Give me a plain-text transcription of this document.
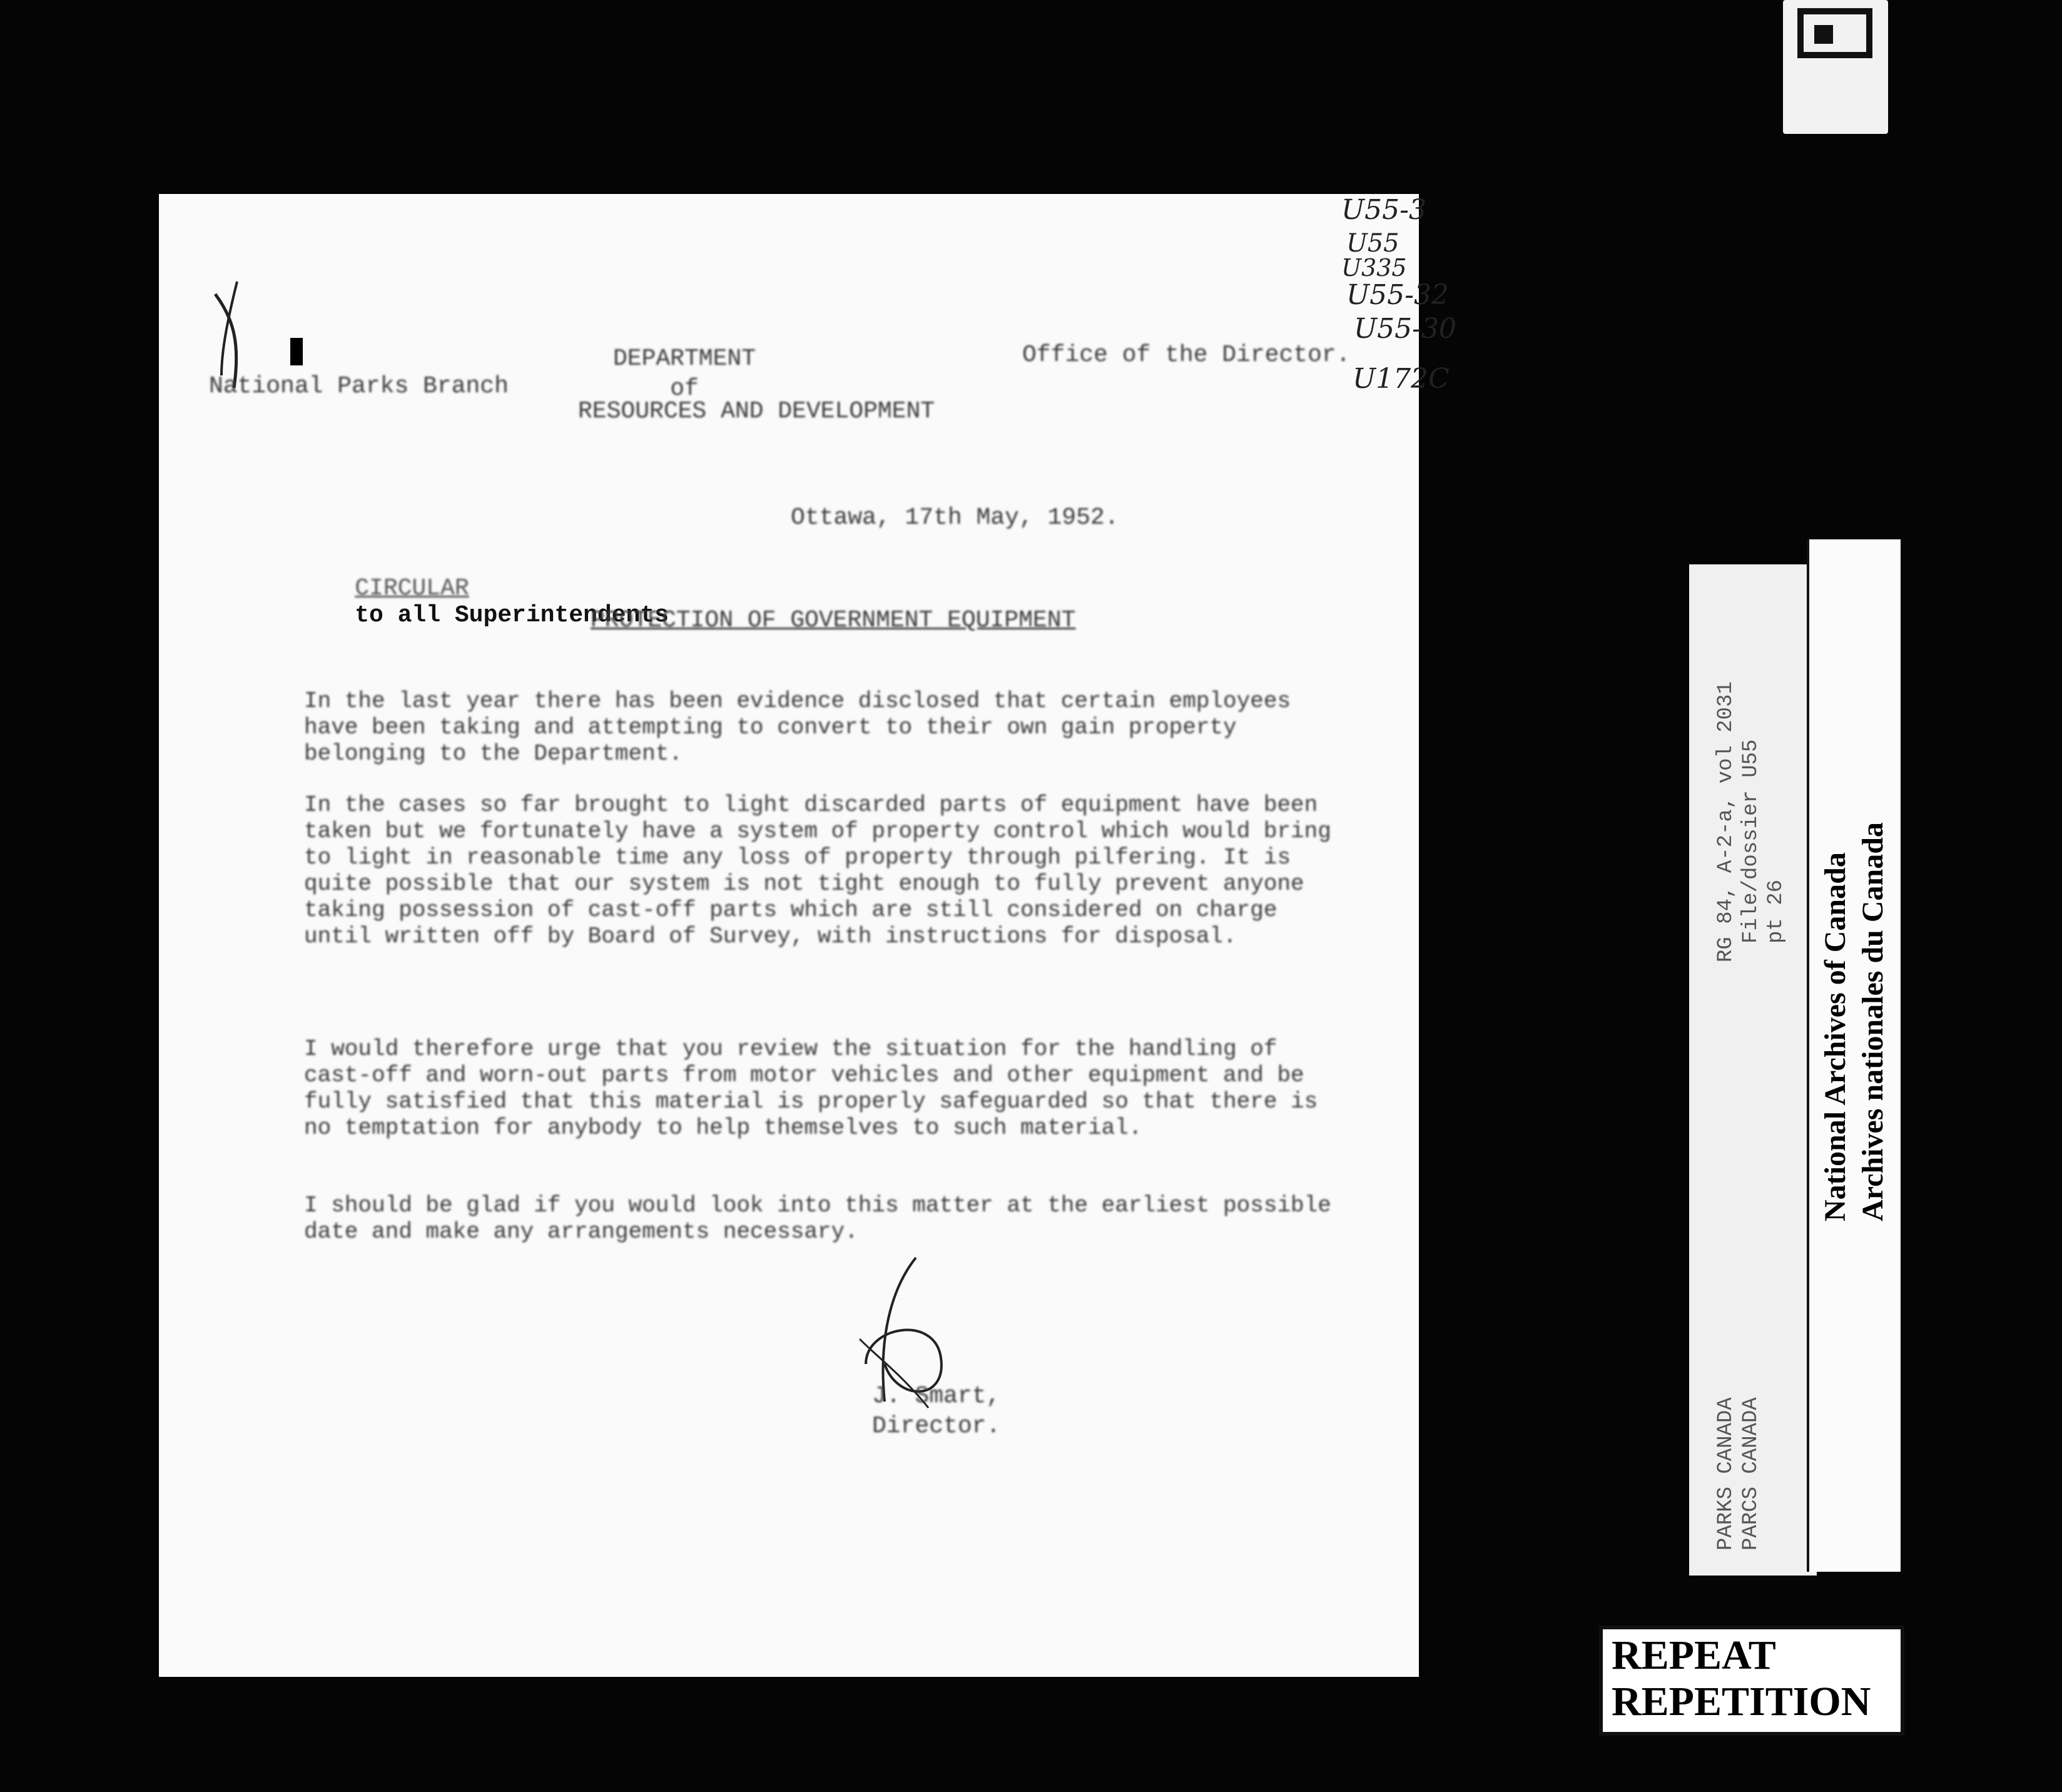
U55-3
U55
U335
U55-32
U55-30
U172C
National Parks Branch
DEPARTMENT
of
RESOURCES AND DEVELOPMENT
Office of the Director.
Ottawa, 17th May, 1952.

CIRCULAR
to all Superintendents

PROTECTION OF GOVERNMENT EQUIPMENT
In the last year there has been evidence disclosed that certain employees have been taking and attempting to convert to their own gain property belonging to the Department.
In the cases so far brought to light discarded parts of equipment have been taken but we fortunately have a system of property control which would bring to light in reasonable time any loss of property through pilfering. It is quite possible that our system is not tight enough to fully prevent anyone taking possession of cast-off parts which are still considered on charge until written off by Board of Survey, with instructions for disposal.
I would therefore urge that you review the situation for the handling of cast-off and worn-out parts from motor vehicles and other equipment and be fully satisfied that this material is properly safeguarded so that there is no temptation for anybody to help themselves to such material.
I should be glad if you would look into this matter at the earliest possible date and make any arrangements necessary.
J. Smart,
Director.
RG 84, A-2-a, vol 2031 File/dossier U55 pt 26
PARKS CANADA PARCS CANADA
National Archives of Canada Archives nationales du Canada
REPEAT
REPETITION
